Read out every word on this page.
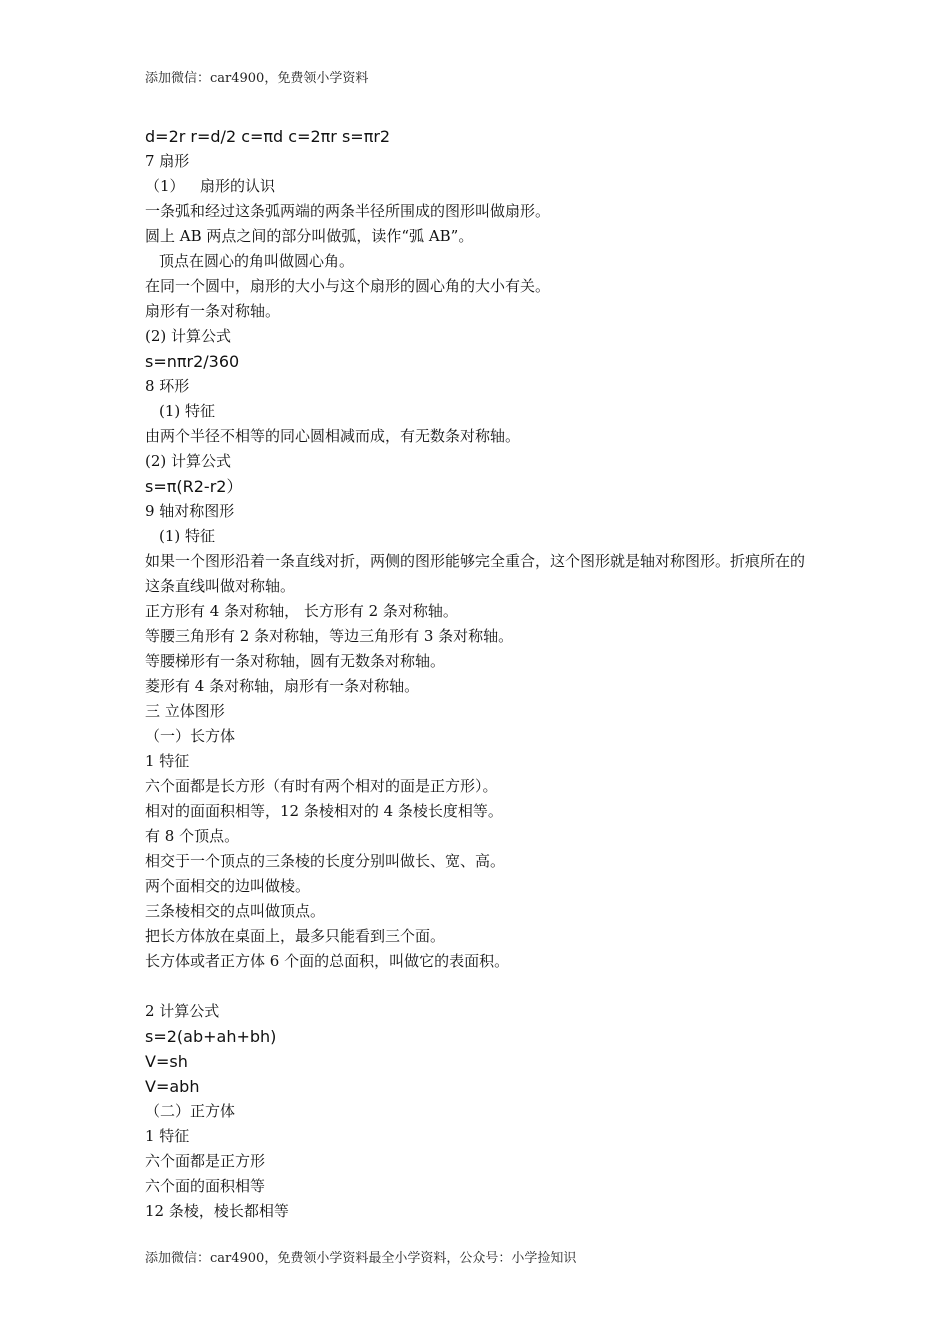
添加微信：car4900，免费领小学资料
d=2r r=d/2 c=πd c=2πr s=πr2
7 扇形
（1） 扇形的认识
一条弧和经过这条弧两端的两条半径所围成的图形叫做扇形。
圆上 AB 两点之间的部分叫做弧，读作“弧 AB”。
顶点在圆心的角叫做圆心角。
在同一个圆中，扇形的大小与这个扇形的圆心角的大小有关。
扇形有一条对称轴。
(2) 计算公式
s=nπr2/360
8 环形
(1) 特征
由两个半径不相等的同心圆相减而成，有无数条对称轴。
(2) 计算公式
s=π(R2-r2）
9 轴对称图形
(1) 特征
如果一个图形沿着一条直线对折，两侧的图形能够完全重合，这个图形就是轴对称图形。折痕所在的这条直线叫做对称轴。
正方形有 4 条对称轴， 长方形有 2 条对称轴。
等腰三角形有 2 条对称轴，等边三角形有 3 条对称轴。
等腰梯形有一条对称轴，圆有无数条对称轴。
菱形有 4 条对称轴，扇形有一条对称轴。
三 立体图形
（一）长方体
1 特征
六个面都是长方形（有时有两个相对的面是正方形）。
相对的面面积相等，12 条棱相对的 4 条棱长度相等。
有 8 个顶点。
相交于一个顶点的三条棱的长度分别叫做长、宽、高。
两个面相交的边叫做棱。
三条棱相交的点叫做顶点。
把长方体放在桌面上，最多只能看到三个面。
长方体或者正方体 6 个面的总面积，叫做它的表面积。
2 计算公式
s=2(ab+ah+bh)
V=sh
V=abh
（二）正方体
1 特征
六个面都是正方形
六个面的面积相等
12 条棱，棱长都相等
添加微信：car4900，免费领小学资料最全小学资料，公众号：小学捡知识
